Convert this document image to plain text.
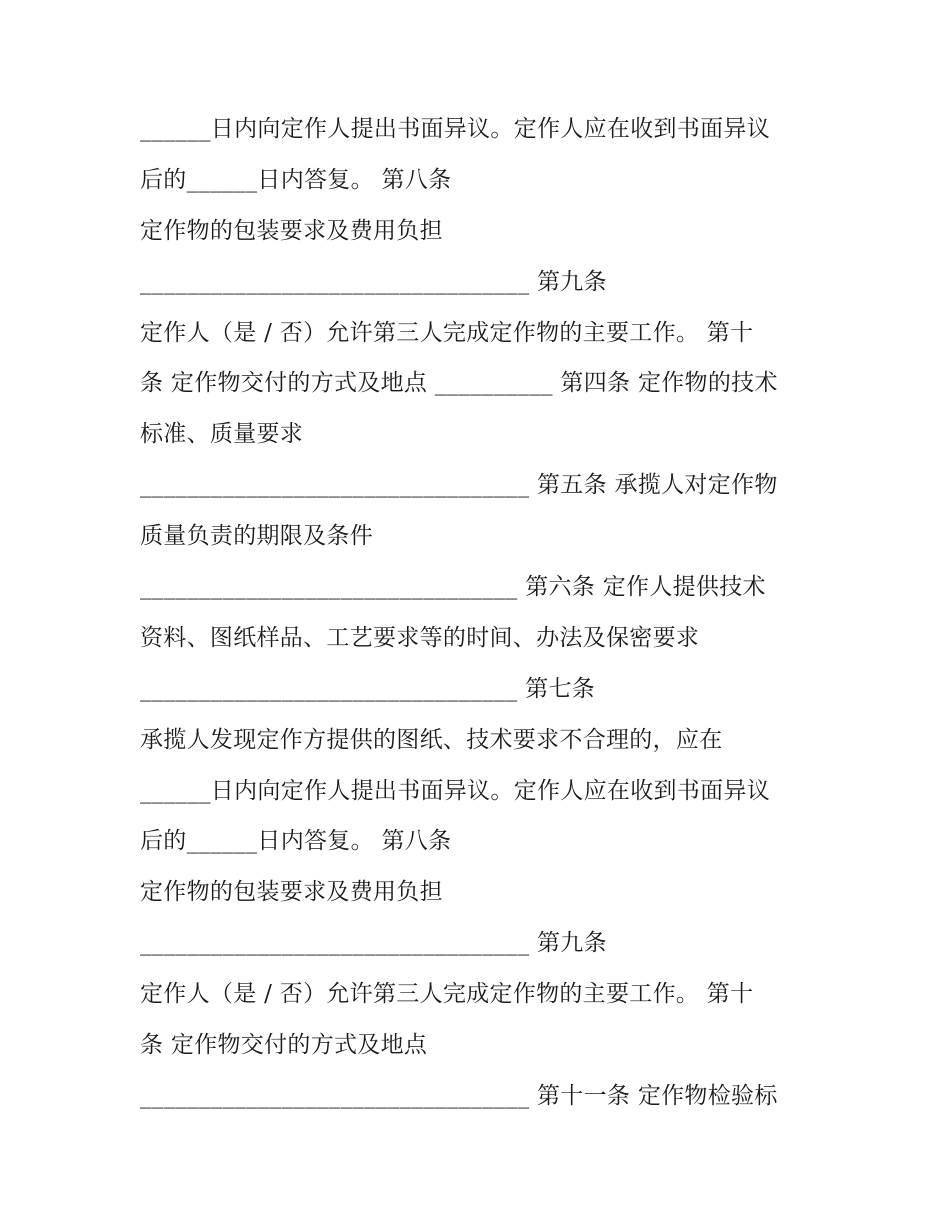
______日内向定作人提出书面异议。定作人应在收到书面异议
后的______日内答复。 第八条
定作物的包装要求及费用负担
_________________________________ 第九条
定作人（是 / 否）允许第三人完成定作物的主要工作。 第十
条 定作物交付的方式及地点 __________ 第四条 定作物的技术
标准、质量要求
_________________________________ 第五条 承揽人对定作物
质量负责的期限及条件
________________________________ 第六条 定作人提供技术
资料、图纸样品、工艺要求等的时间、办法及保密要求
________________________________ 第七条
承揽人发现定作方提供的图纸、技术要求不合理的，应在
______日内向定作人提出书面异议。定作人应在收到书面异议
后的______日内答复。 第八条
定作物的包装要求及费用负担
_________________________________ 第九条
定作人（是 / 否）允许第三人完成定作物的主要工作。 第十
条 定作物交付的方式及地点
_________________________________ 第十一条 定作物检验标
